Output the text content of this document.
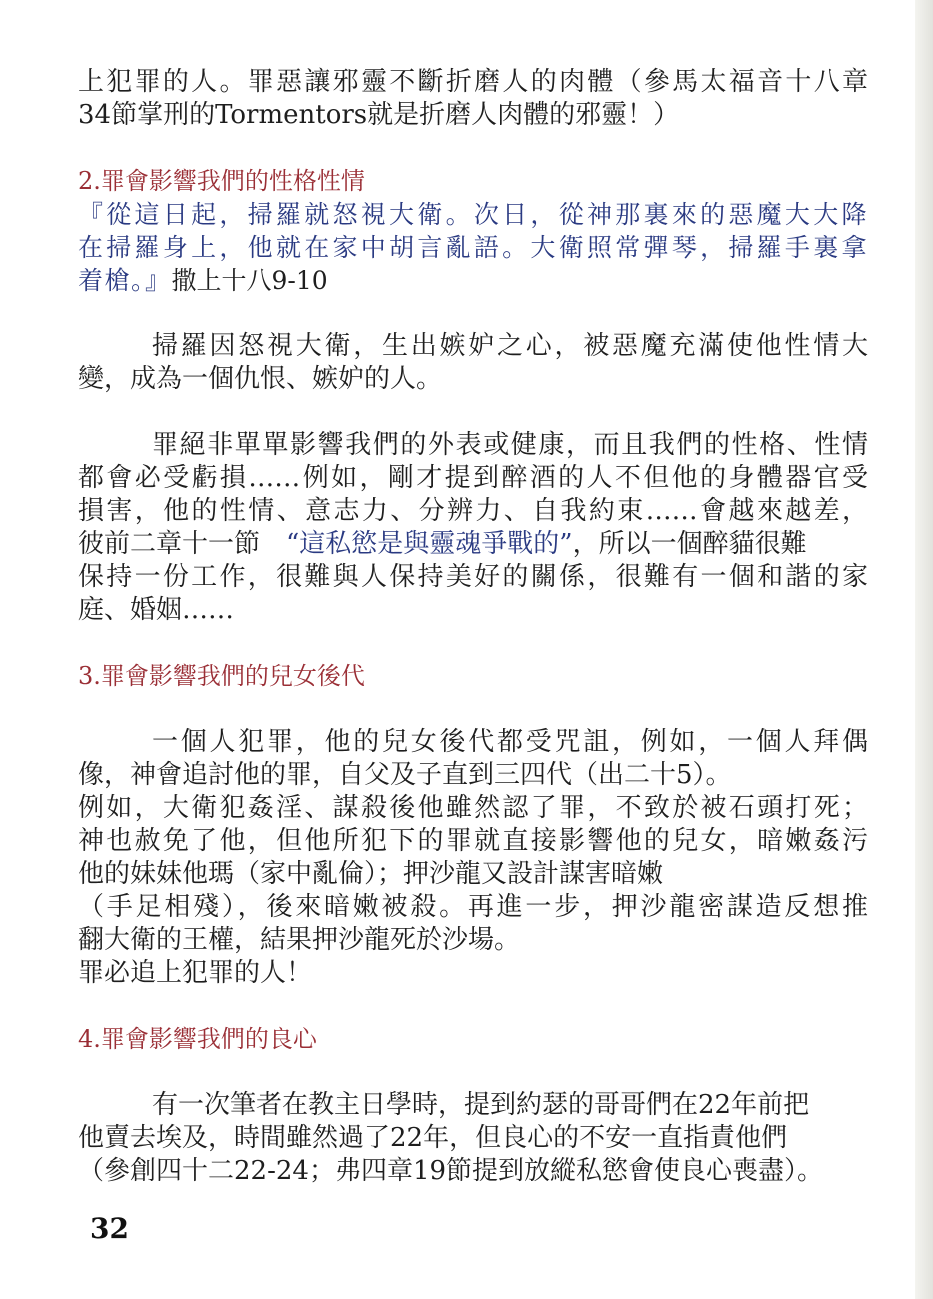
上犯罪的人。罪惡讓邪靈不斷折磨人的肉體（參馬太福音十八章
34節掌刑的Tormentors就是折磨人肉體的邪靈！）
2.罪會影響我們的性格性情
『從這日起，掃羅就怒視大衛。次日，從神那裏來的惡魔大大降
在掃羅身上，他就在家中胡言亂語。大衛照常彈琴，掃羅手裏拿
着槍。』撒上十八9-10
掃羅因怒視大衛，生出嫉妒之心，被惡魔充滿使他性情大
變，成為一個仇恨、嫉妒的人。
罪絕非單單影響我們的外表或健康，而且我們的性格、性情
都會必受虧損……例如，剛才提到醉酒的人不但他的身體器官受
損害，他的性情、意志力、分辨力、自我約束……會越來越差，
彼前二章十一節　“這私慾是與靈魂爭戰的”，所以一個醉貓很難
保持一份工作，很難與人保持美好的關係，很難有一個和諧的家
庭、婚姻……
3.罪會影響我們的兒女後代
一個人犯罪，他的兒女後代都受咒詛，例如，一個人拜偶
像，神會追討他的罪，自父及子直到三四代（出二十5）。
例如，大衛犯姦淫、謀殺後他雖然認了罪，不致於被石頭打死；
神也赦免了他，但他所犯下的罪就直接影響他的兒女，暗嫩姦污
他的妹妹他瑪（家中亂倫）；押沙龍又設計謀害暗嫩
（手足相殘），後來暗嫩被殺。再進一步，押沙龍密謀造反想推
翻大衛的王權，結果押沙龍死於沙場。
罪必追上犯罪的人！
4.罪會影響我們的良心
有一次筆者在教主日學時，提到約瑟的哥哥們在22年前把
他賣去埃及，時間雖然過了22年，但良心的不安一直指責他們
（參創四十二22-24；弗四章19節提到放縱私慾會使良心喪盡）。
32
